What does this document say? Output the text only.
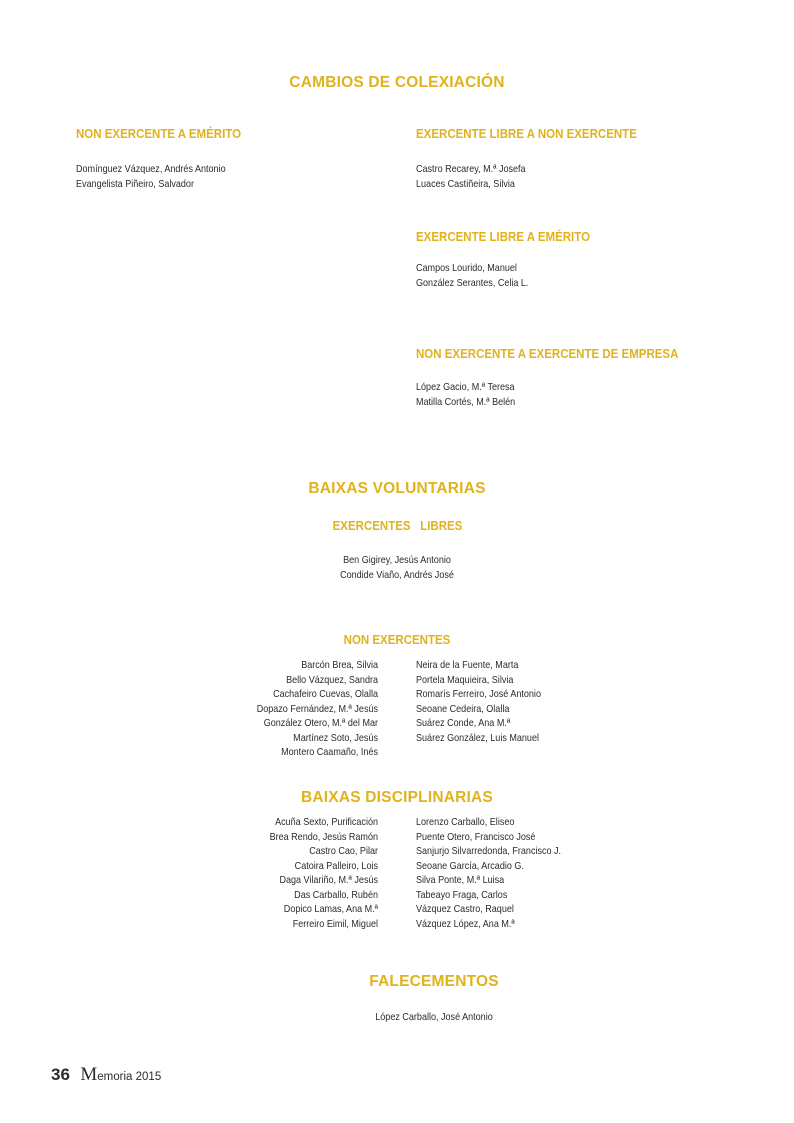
CAMBIOS DE COLEXIACIÓN
NON EXERCENTE A EMÉRITO
Domínguez Vázquez, Andrés Antonio
Evangelista Piñeiro, Salvador
EXERCENTE LIBRE A NON EXERCENTE
Castro Recarey, M.ª Josefa
Luaces Castiñeira, Silvia
EXERCENTE LIBRE A EMÉRITO
Campos Lourido, Manuel
González Serantes, Celia L.
NON EXERCENTE A EXERCENTE DE EMPRESA
López Gacio, M.ª Teresa
Matilla Cortés, M.ª Belén
BAIXAS VOLUNTARIAS
EXERCENTES   LIBRES
Ben Gigirey, Jesús Antonio
Condide Viaño, Andrés José
NON EXERCENTES
Barcón Brea, Silvia
Bello Vázquez, Sandra
Cachafeiro Cuevas, Olalla
Dopazo Fernández, M.ª Jesús
González Otero, M.ª del Mar
Martínez Soto, Jesús
Montero Caamaño, Inés
Neira de la Fuente, Marta
Portela Maquieira, Silvia
Romarís Ferreiro, José Antonio
Seoane Cedeira, Olalla
Suárez Conde, Ana M.ª
Suárez González, Luis Manuel
BAIXAS DISCIPLINARIAS
Acuña Sexto, Purificación
Brea Rendo, Jesús Ramón
Castro Cao, Pilar
Catoira Palleiro, Lois
Daga Vilariño, M.ª Jesús
Das Carballo, Rubén
Dopico Lamas, Ana M.ª
Ferreiro Eimil, Miguel
Lorenzo Carballo, Eliseo
Puente Otero, Francisco José
Sanjurjo Silvarredonda, Francisco J.
Seoane García, Arcadio G.
Silva Ponte, M.ª Luisa
Tabeayo Fraga, Carlos
Vázquez Castro, Raquel
Vázquez López, Ana M.ª
FALECEMENTOS
López Carballo, José Antonio
36 Memoria 2015
